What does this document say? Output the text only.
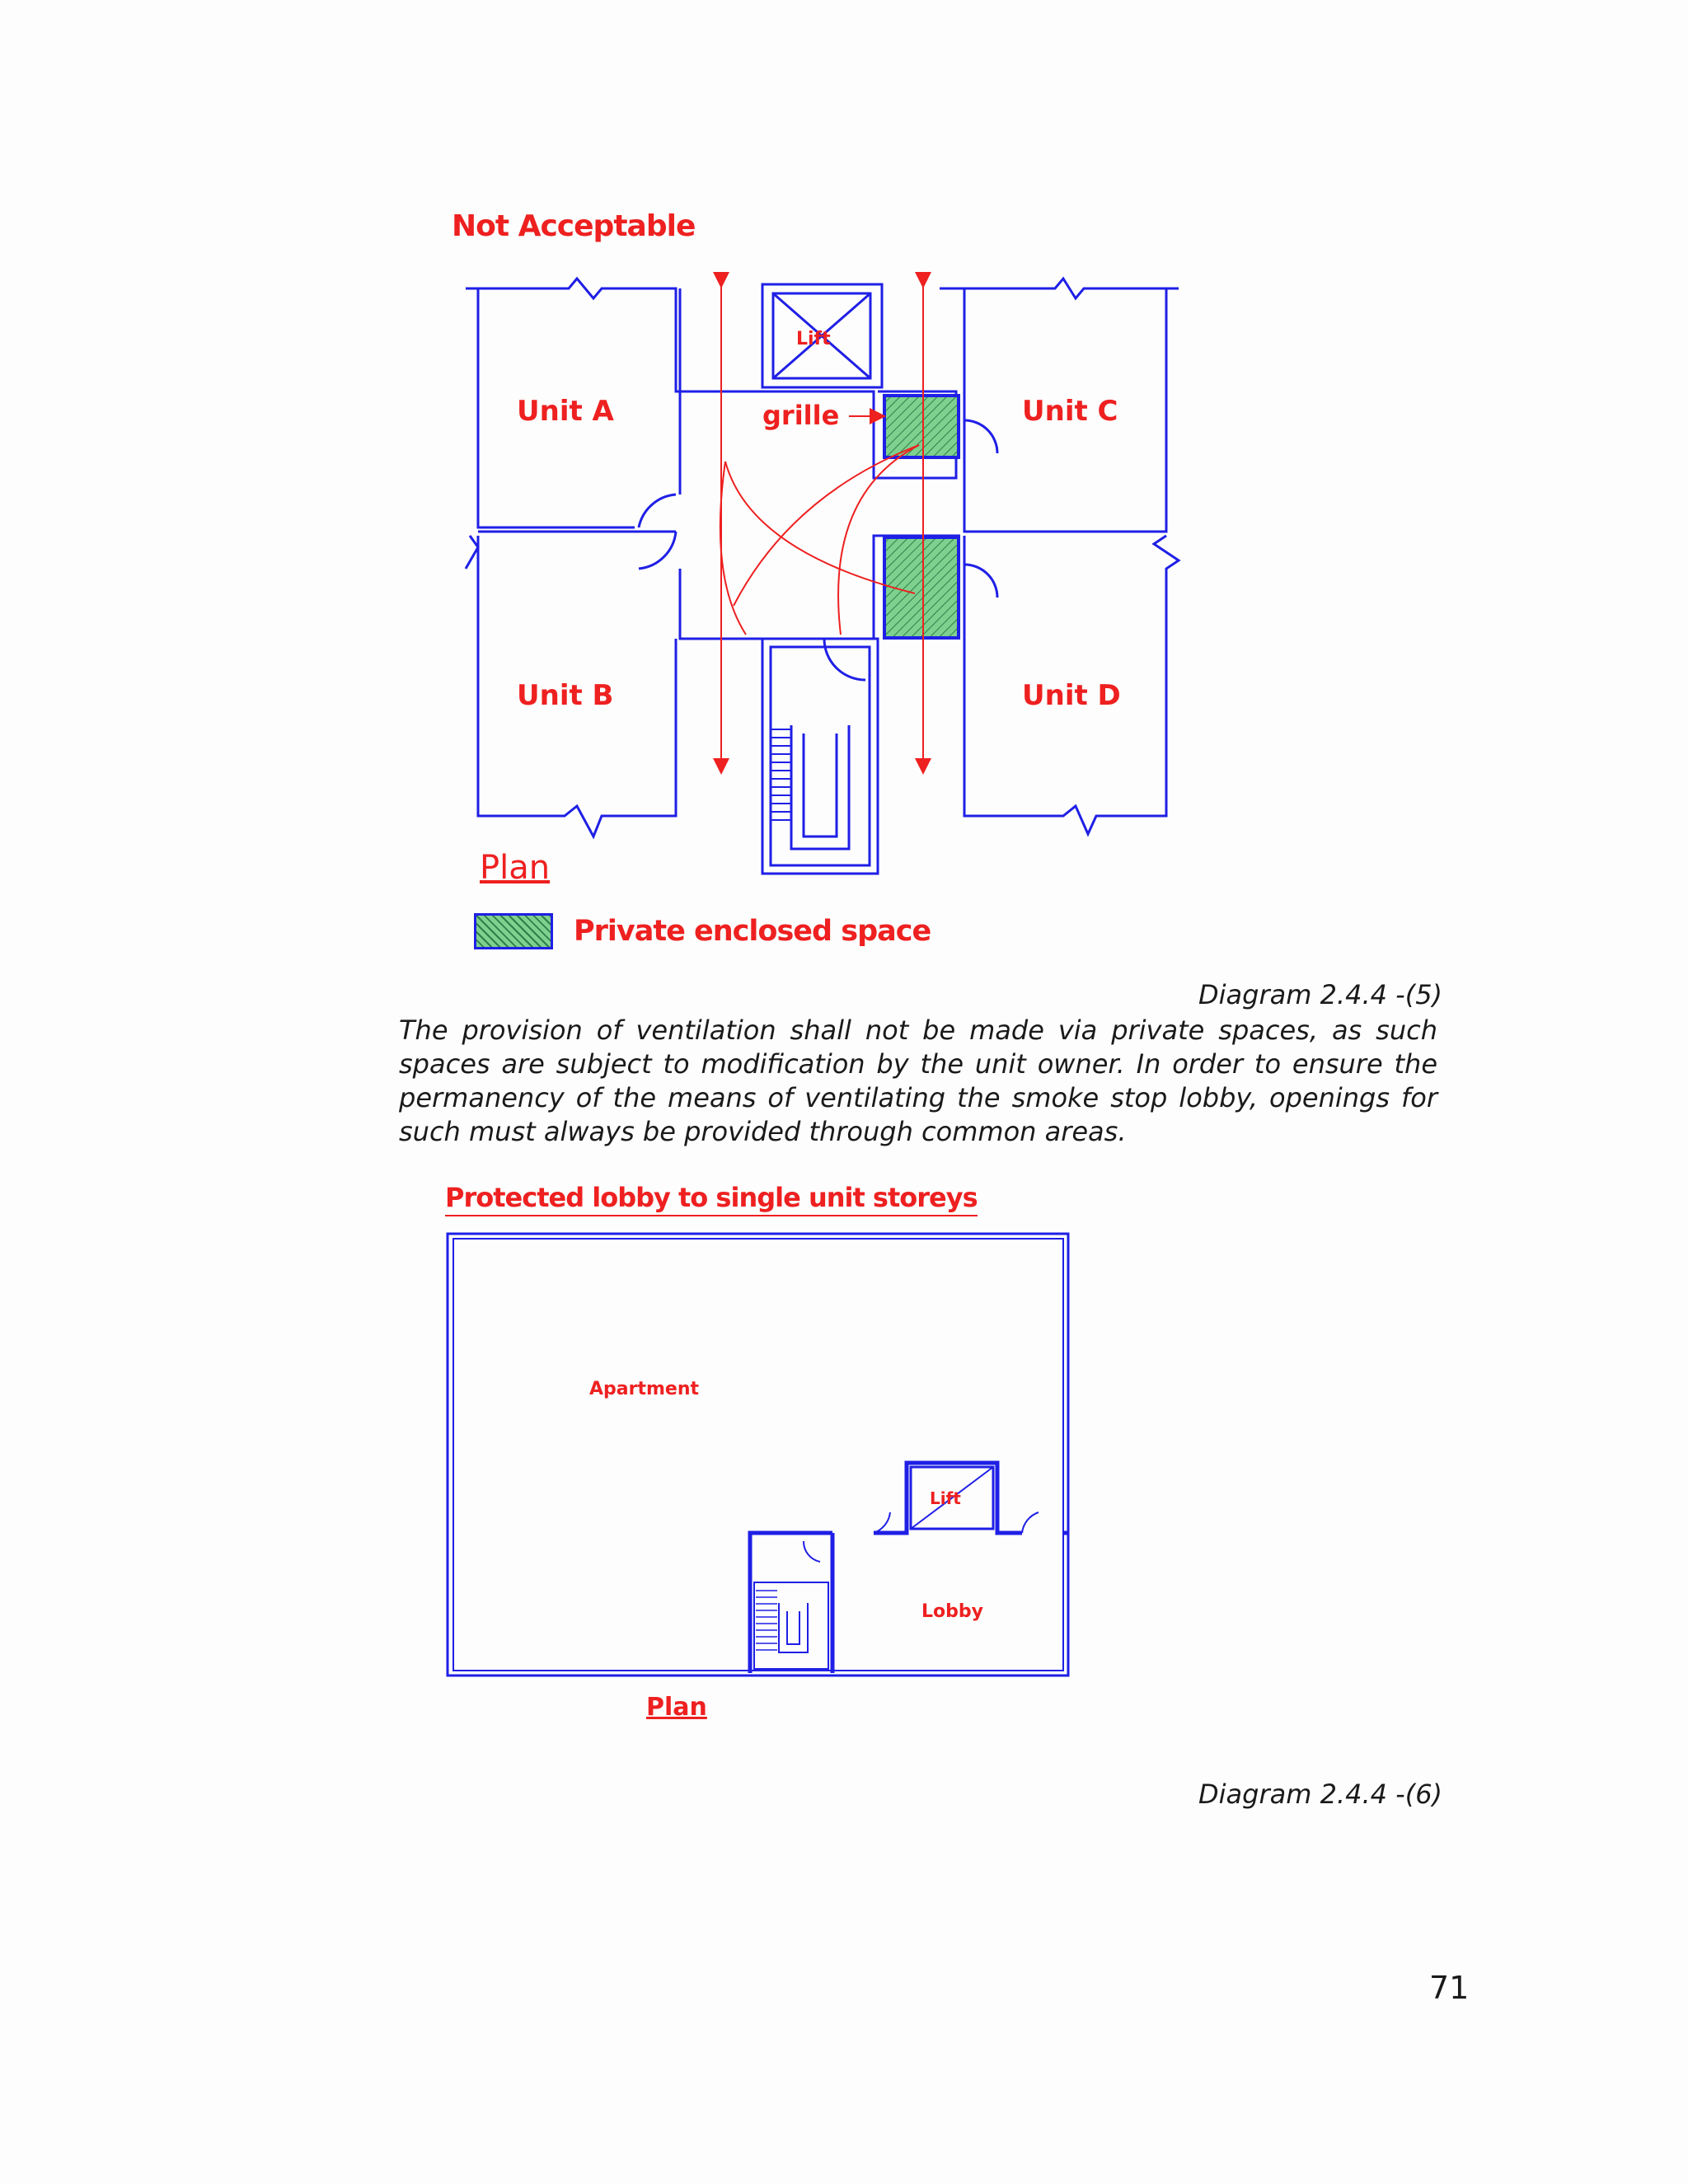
Not Acceptable
Lift
Unit A
Unit B
Unit C
Unit D
grille
Plan
Private enclosed space
Diagram 2.4.4 -(5)
The provision of ventilation shall not be made via private spaces, as such spaces are subject to modification by the unit owner. In order to ensure the permanency of the means of ventilating the smoke stop lobby, openings for such must always be provided through common areas.
Protected lobby to single unit storeys
Apartment
Lift
Lobby
Plan
Diagram 2.4.4 -(6)
71
